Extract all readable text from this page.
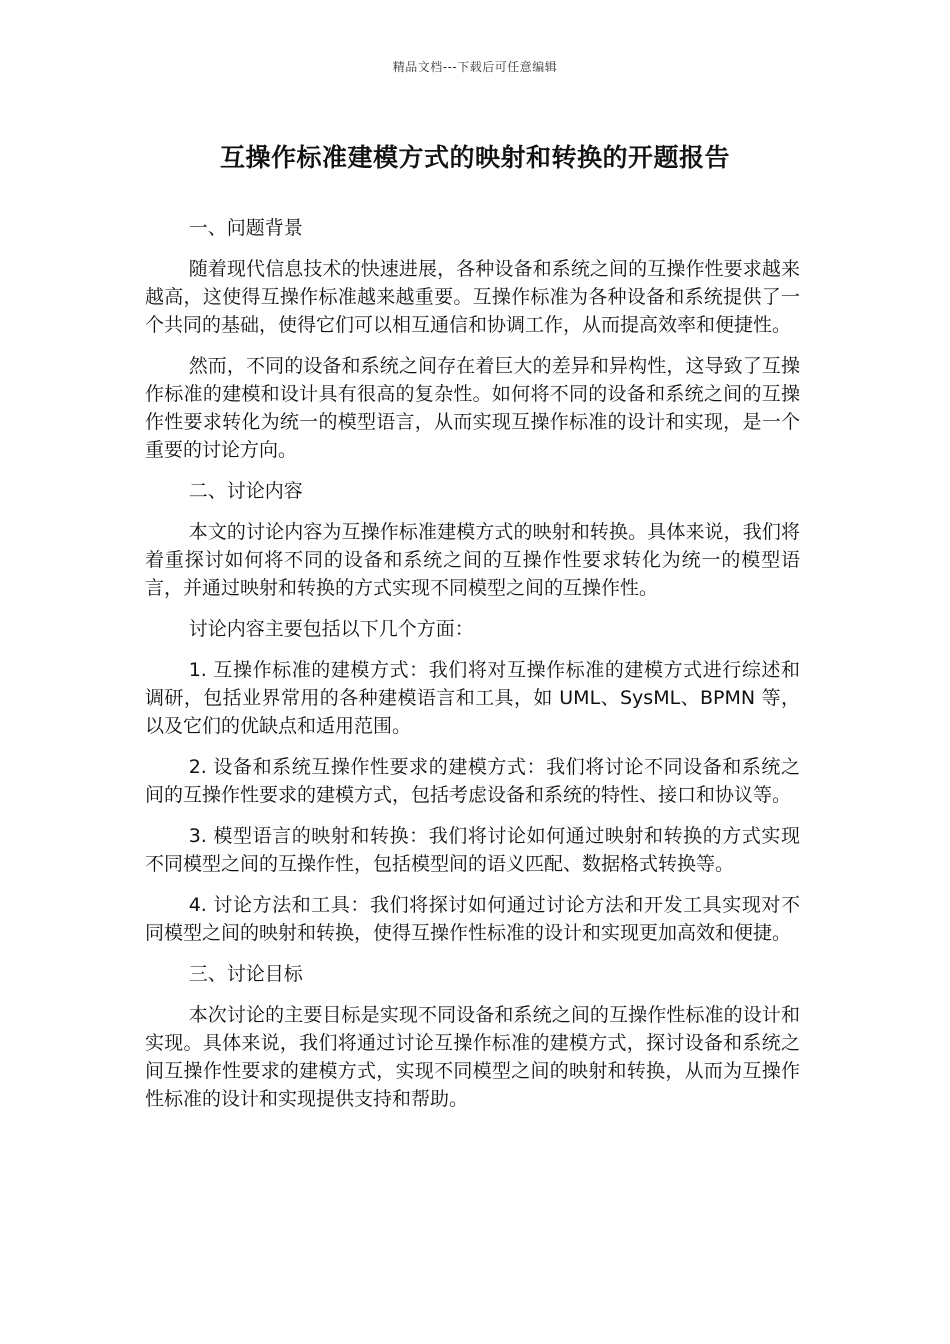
精品文档---下载后可任意编辑
互操作标准建模方式的映射和转换的开题报告

一、问题背景

随着现代信息技术的快速进展，各种设备和系统之间的互操作性要求越来越高，这使得互操作标准越来越重要。互操作标准为各种设备和系统提供了一个共同的基础，使得它们可以相互通信和协调工作，从而提高效率和便捷性。

然而，不同的设备和系统之间存在着巨大的差异和异构性，这导致了互操作标准的建模和设计具有很高的复杂性。如何将不同的设备和系统之间的互操作性要求转化为统一的模型语言，从而实现互操作标准的设计和实现，是一个重要的讨论方向。

二、讨论内容

本文的讨论内容为互操作标准建模方式的映射和转换。具体来说，我们将着重探讨如何将不同的设备和系统之间的互操作性要求转化为统一的模型语言，并通过映射和转换的方式实现不同模型之间的互操作性。

讨论内容主要包括以下几个方面：

1. 互操作标准的建模方式：我们将对互操作标准的建模方式进行综述和调研，包括业界常用的各种建模语言和工具，如 UML、SysML、BPMN 等，以及它们的优缺点和适用范围。

2. 设备和系统互操作性要求的建模方式：我们将讨论不同设备和系统之间的互操作性要求的建模方式，包括考虑设备和系统的特性、接口和协议等。

3. 模型语言的映射和转换：我们将讨论如何通过映射和转换的方式实现不同模型之间的互操作性，包括模型间的语义匹配、数据格式转换等。

4. 讨论方法和工具：我们将探讨如何通过讨论方法和开发工具实现对不同模型之间的映射和转换，使得互操作性标准的设计和实现更加高效和便捷。

三、讨论目标

本次讨论的主要目标是实现不同设备和系统之间的互操作性标准的设计和实现。具体来说，我们将通过讨论互操作标准的建模方式，探讨设备和系统之间互操作性要求的建模方式，实现不同模型之间的映射和转换，从而为互操作性标准的设计和实现提供支持和帮助。
